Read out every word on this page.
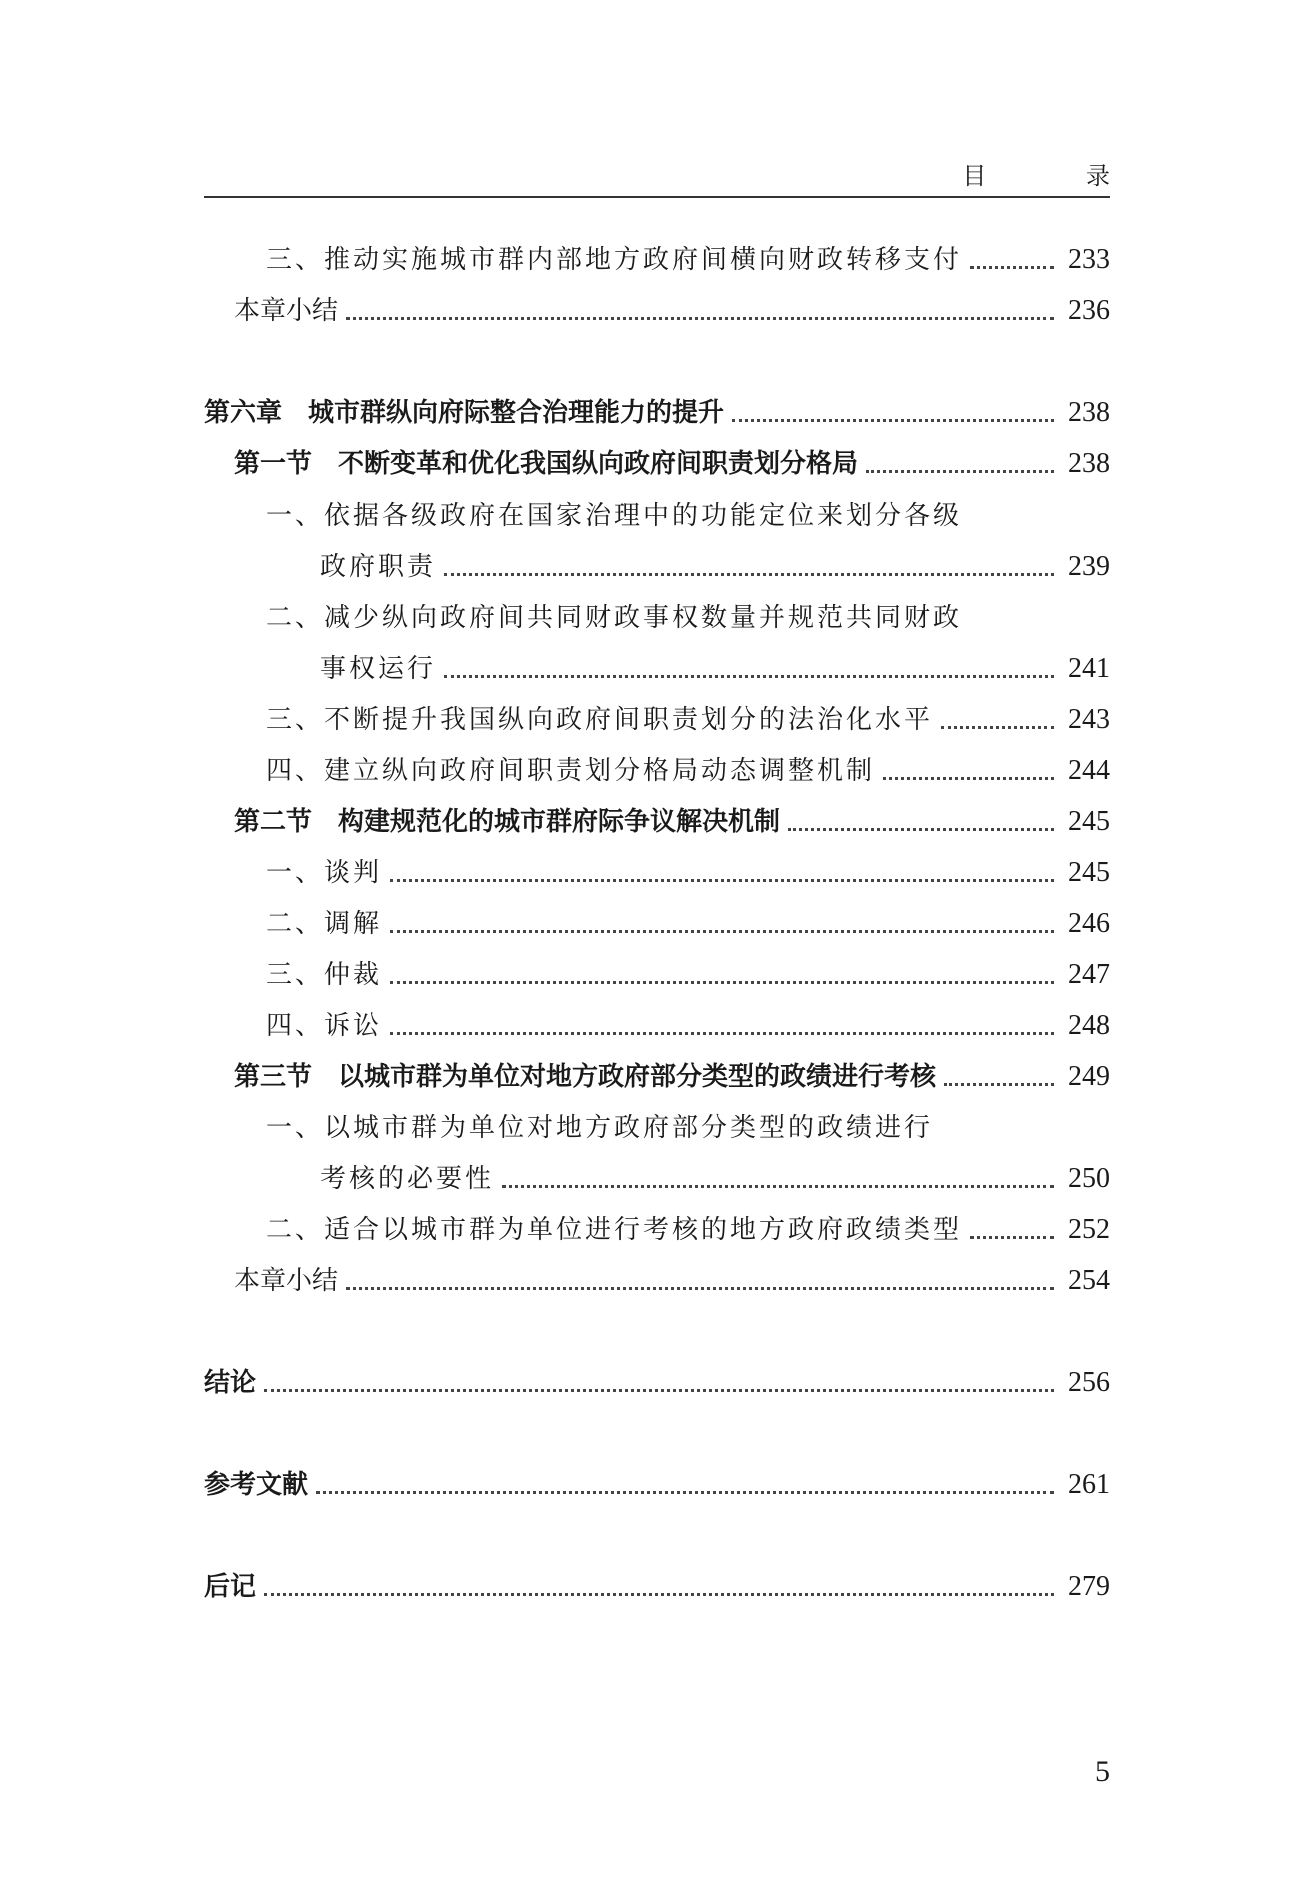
目 录
三、推动实施城市群内部地方政府间横向财政转移支付	233
本章小结	236
第六章　城市群纵向府际整合治理能力的提升	238
第一节　不断变革和优化我国纵向政府间职责划分格局	238
一、依据各级政府在国家治理中的功能定位来划分各级
政府职责	239
二、减少纵向政府间共同财政事权数量并规范共同财政
事权运行	241
三、不断提升我国纵向政府间职责划分的法治化水平	243
四、建立纵向政府间职责划分格局动态调整机制	244
第二节　构建规范化的城市群府际争议解决机制	245
一、谈判	245
二、调解	246
三、仲裁	247
四、诉讼	248
第三节　以城市群为单位对地方政府部分类型的政绩进行考核	249
一、以城市群为单位对地方政府部分类型的政绩进行
考核的必要性	250
二、适合以城市群为单位进行考核的地方政府政绩类型	252
本章小结	254
结论	256
参考文献	261
后记	279
5
